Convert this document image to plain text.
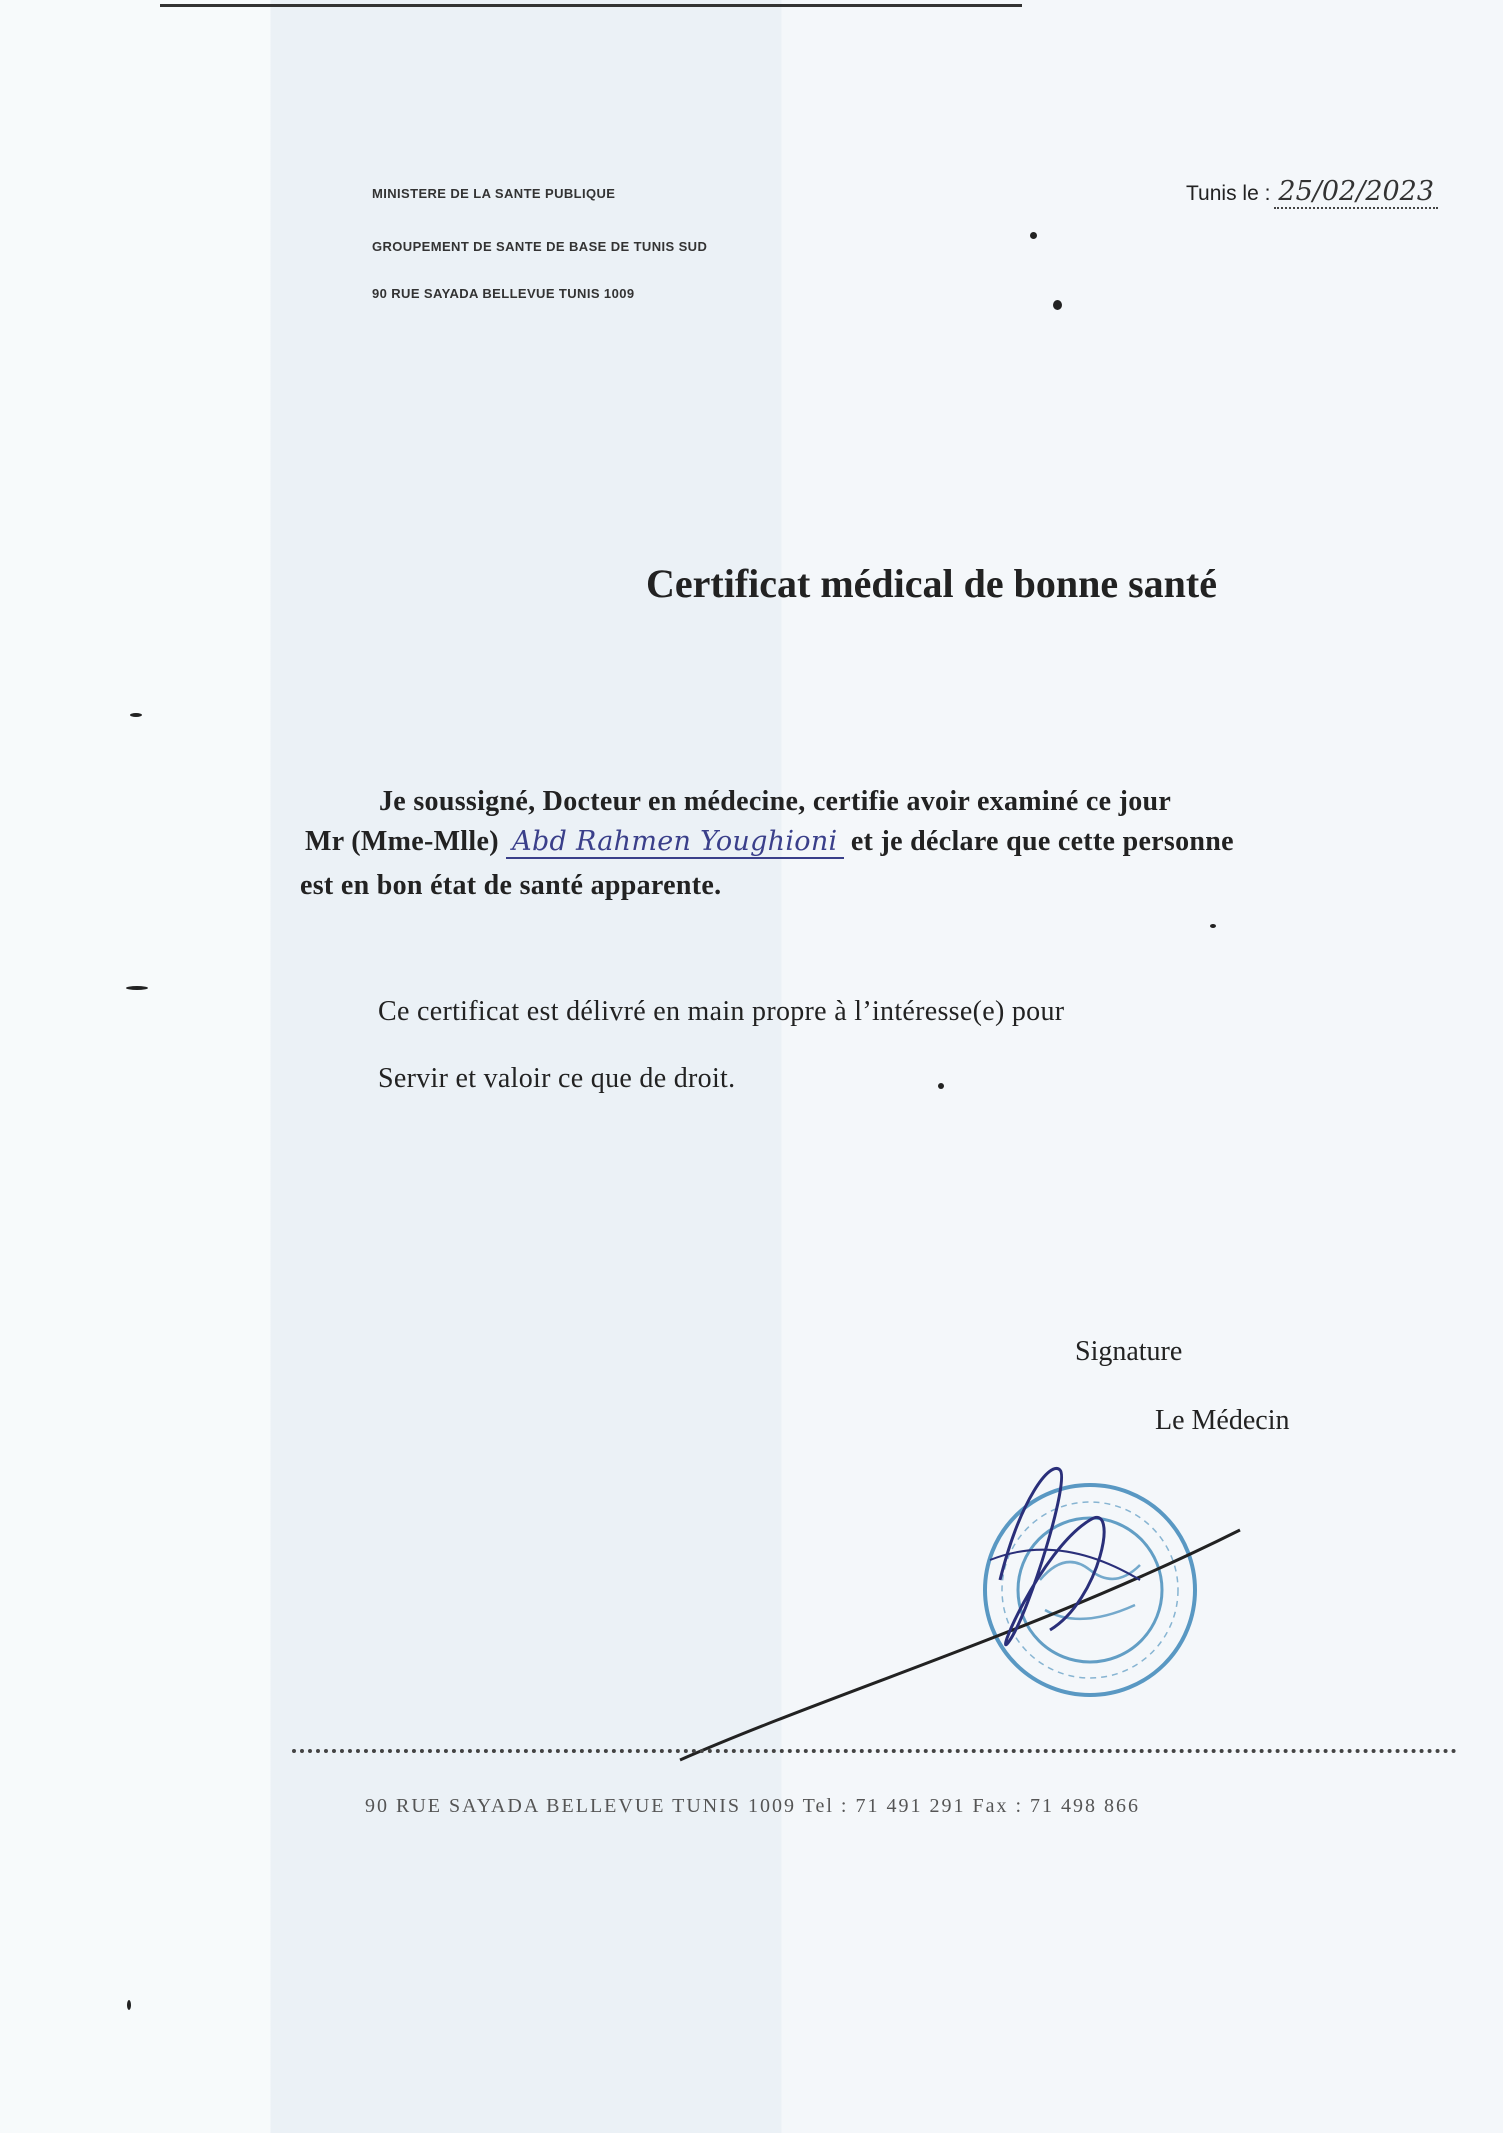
MINISTERE DE LA SANTE PUBLIQUE
GROUPEMENT DE SANTE DE BASE DE TUNIS SUD
90 RUE SAYADA BELLEVUE TUNIS 1009
Tunis le : 25/02/2023
Certificat médical de bonne santé
Je soussigné, Docteur en médecine, certifie avoir examiné ce jour
Mr (Mme-Mlle) Abd Rahmen Youghioni et je déclare que cette personne
est en bon état de santé apparente.
Ce certificat est délivré en main propre à l’intéresse(e) pour
Servir et valoir ce que de droit.
Signature
Le Médecin
90 RUE SAYADA BELLEVUE TUNIS 1009 Tel : 71 491 291 Fax : 71 498 866
